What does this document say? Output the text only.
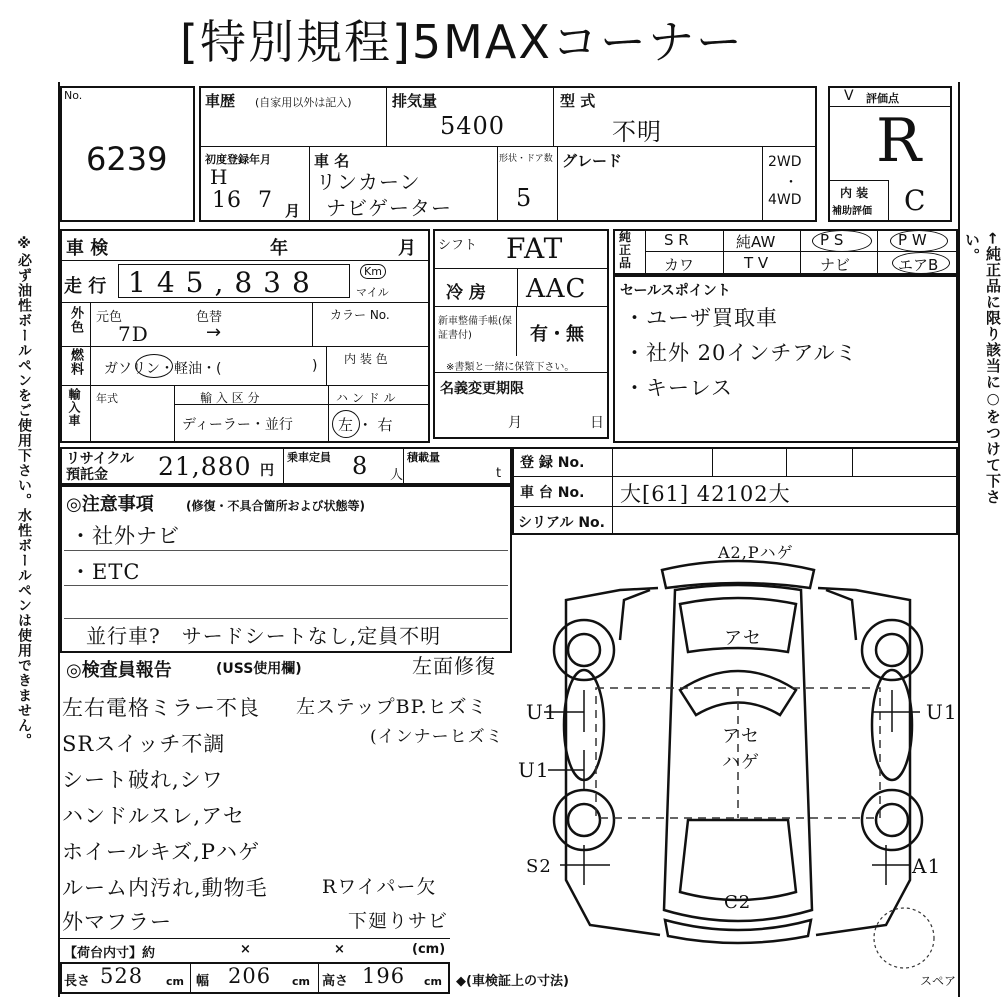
[特別規程]5MAXコーナー
※必ず油性ボールペンをご使用下さい。水性ボールペンは使用できません。	←純正品に限り該当に○をつけて下さい。
No.
6239
車歴 (自家用以外は記入)	排気量
5400
型 式
不明
初度登録年月
H
16 7 月
車 名
リンカーン
ナビゲーター
形状・ドア数
5
グレード	2WD
・
4WD
V 評価点
R
内 装
補助評価 C
車 検	年	月
走 行 145,838	Km
マイル
外色 元色	色替
7D	→
カラー No.
燃料 ガソリン・軽油・(	) 内 装 色
輸入車 年式	輸 入 区 分
ディーラー・並行
ハ ン ド ル
左 ・ 右
シフト FAT
冷 房 AAC
新車整備手帳(保証書付)	有・無
※書類と一緒に保管下さい。
名義変更期限
月	日
純正品
S R	純AW	P S	P W
カワ	T V	ナビ	エアB
セールスポイント
・ユーザ買取車
・社外 20インチアルミ
・キーレス
リサイクル
預託金 21,880 円
乗車定員 8 人
積載量
t
登 録 No.
車 台 No. 大[61] 42102大
シリアル No.
◎注意事項	(修復・不具合箇所および状態等)
・社外ナビ
・ETC
並行車?　サードシートなし,定員不明
◎検査員報告	(USS使用欄)	左面修復
左右電格ミラー不良
SRスイッチ不調
シート破れ,シワ
ハンドルスレ,アセ
ホイールキズ,Pハゲ
ルーム内汚れ,動物毛
外マフラー
左ステップBP.ヒズミ
(インナーヒズミ
Rワイパー欠
下廻りサビ
A2,Pハゲ
アセ
アセ
ハゲ
U1	U1
U1
S2	A1
C2
スペア
【荷台内寸】約	×	×	(cm)
長さ 528 cm 幅 206 cm 高さ 196 cm ◆(車検証上の寸法)
